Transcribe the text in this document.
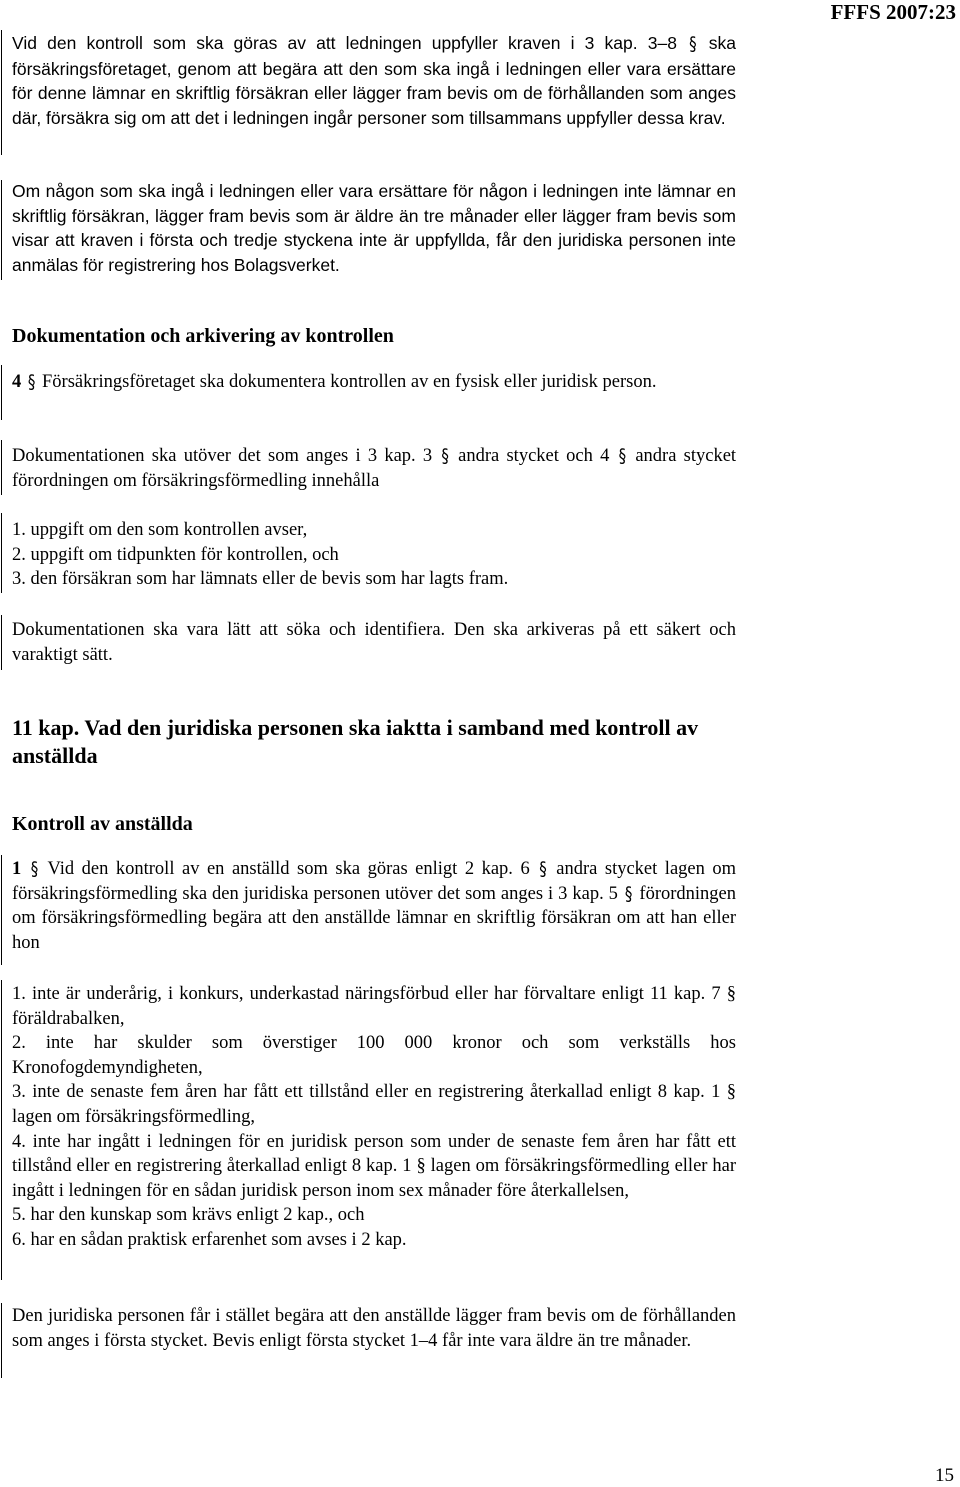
FFFS 2007:23
Vid den kontroll som ska göras av att ledningen uppfyller kraven i 3 kap. 3–8 § ska försäkringsföretaget, genom att begära att den som ska ingå i ledningen eller vara ersättare för denne lämnar en skriftlig försäkran eller lägger fram bevis om de förhållanden som anges där, försäkra sig om att det i ledningen ingår personer som tillsammans uppfyller dessa krav.
Om någon som ska ingå i ledningen eller vara ersättare för någon i ledningen inte lämnar en skriftlig försäkran, lägger fram bevis som är äldre än tre månader eller lägger fram bevis som visar att kraven i första och tredje styckena inte är uppfyllda, får den juridiska personen inte anmälas för registrering hos Bolagsverket.
Dokumentation och arkivering av kontrollen
4 § Försäkringsföretaget ska dokumentera kontrollen av en fysisk eller juridisk person.
Dokumentationen ska utöver det som anges i 3 kap. 3 § andra stycket och 4 § andra stycket förordningen om försäkringsförmedling innehålla
1. uppgift om den som kontrollen avser,
2. uppgift om tidpunkten för kontrollen, och
3. den försäkran som har lämnats eller de bevis som har lagts fram.
Dokumentationen ska vara lätt att söka och identifiera. Den ska arkiveras på ett säkert och varaktigt sätt.
11 kap. Vad den juridiska personen ska iaktta i samband med kontroll av anställda
Kontroll av anställda
1 § Vid den kontroll av en anställd som ska göras enligt 2 kap. 6 § andra stycket lagen om försäkringsförmedling ska den juridiska personen utöver det som anges i 3 kap. 5 § förordningen om försäkringsförmedling begära att den anställde lämnar en skriftlig försäkran om att han eller hon
1. inte är underårig, i konkurs, underkastad näringsförbud eller har förvaltare enligt 11 kap. 7 § föräldrabalken,
2. inte har skulder som överstiger 100 000 kronor och som verkställs hos Kronofogdemyndigheten,
3. inte de senaste fem åren har fått ett tillstånd eller en registrering återkallad enligt 8 kap. 1 § lagen om försäkringsförmedling,
4. inte har ingått i ledningen för en juridisk person som under de senaste fem åren har fått ett tillstånd eller en registrering återkallad enligt 8 kap. 1 § lagen om försäkringsförmedling eller har ingått i ledningen för en sådan juridisk person inom sex månader före återkallelsen,
5. har den kunskap som krävs enligt 2 kap., och
6. har en sådan praktisk erfarenhet som avses i 2 kap.
Den juridiska personen får i stället begära att den anställde lägger fram bevis om de förhållanden som anges i första stycket. Bevis enligt första stycket 1–4 får inte vara äldre än tre månader.
15
